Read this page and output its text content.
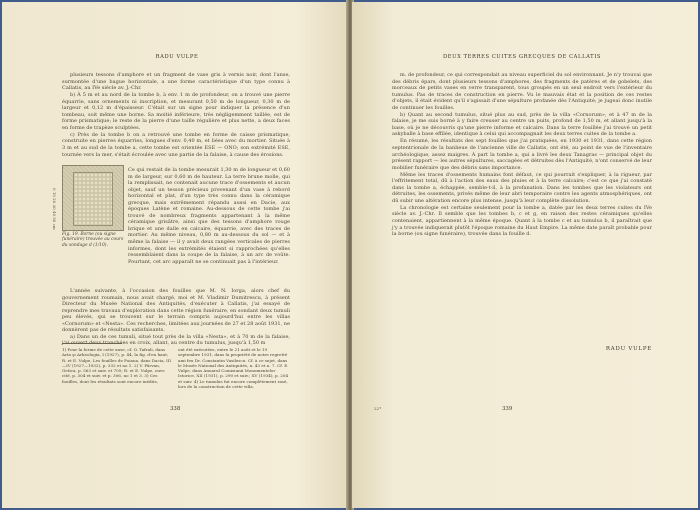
RADU VULPE

plusieurs tessons d'amphore et un fragment de vase gris à vernis noir, dont l'anse, surmontée d'une bague horizontale, a une forme caractéristique d'un type connu à Callatis, au IVe siècle av. J.-Chr.

b) À 5 m et au nord de la tombe b, à env. 1 m de profondeur, on a trouvé une pierre équarrie, sans ornements ni inscription, et mesurant 0,50 m de longueur, 0,30 m de largeur et 0,12 m d'épaisseur. C'était sur un signe pour indiquer la présence d'un tombeau, soit même une borne. Sa moitié inférieure, très négligemment taillée, est de forme prismatique; le reste de la pierre d'une taille régulière et plus nette, a deux faces en forme de trapèze sculptées.

c) Près de la tombe b on a retrouvé une tombe en forme de caisse prismatique, construite en pierres équarries, longues d'env. 0,40 m, et liées avec du mortier. Située à 3 m et au sud de la tombe a, cette tombe est orientée ESE — ONO; son extrémité ESE, tournée vers la mer, s'était écroulée avec une partie de la falaise, à cause des érosions.

0 10 20 30 40 50 cm
Fig. 19. Borne (ou signe funéraire) trouvée au cours du sondage d (1/10).
Ce qui restait de la tombe mesurait 1,30 m de longueur et 0,60 m de largeur, sur 0,60 m de hauteur. La terre brune molle, qui la remplissait, ne contenait aucune trace d'ossements et aucun objet, sauf un tesson précieux provenant d'un vase à rebord horizontal et plat, d'un type très connu dans la céramique grecque, mais extrêmement répandu aussi en Dacie, aux époques Latène et romaine. Au-dessous de cette tombe j'ai trouvé de nombreux fragments appartenant à la même céramique grisâtre, ainsi que des tessons d'amphore rouge brique et une dalle en calcaire, équarrie, avec des traces de mortier. Au même niveau, 0,80 m au-dessous du sol — et à même la falaise — il y avait deux rangées verticales de pierres informes, dont les extrémités étaient si rapprochées qu'elles ressemblaient dans la coupe de la falaise, à un arc de voûte. Pourtant, cet arc apparaît ne se continuait pas à l'intérieur.

L'année suivante, à l'occasion des fouilles que M. N. Iorga, alors chef du gouvernement roumain, nous avait chargé, moi et M. Vladimir Dumitrescu, à présent Directeur du Musée National des Antiquités, d'exécuter à Callatis, j'ai essayé de reprendre mes travaux d'exploration dans cette région funéraire, en sondant deux tumuli peu élevés, qui se trouvent sur le terrain compris aujourd'hui entre les villas «Cornorum» et «Nesta». Ces recherches, limitées aux journées de 27 et 28 août 1931, ne donnèrent pas de résultats satisfaisants.

a) Dans un de ces tumuli, situé tout près de la villa «Nesta», et à 70 m de la falaise, j'ai ouvert deux tranchées en croix, allant, au centre du tumulus, jusqu'à 1,50 m

1) Pour la forme de cette anse, cf. O. Tafrali, dans Arta şi Arheologia, I (1927), p. 44, la fig. d'en haut; R. et E. Vulpe, Les fouilles de Poiana, dans Dacia, III—IV (1927—1932), p. 332 et no 1. 2) V. Pârvan, Getica, p. 563 et suiv. et 705; R. et E. Vulpe, ouvr. cité, p. 304 et suiv. et p. 306, no 1 et 3. 3) Ces fouilles, dont les résultats sont encore inédits,
ont été exécutées, entre le 21 août et le 19 septembre 1931, dans la propriété de notre regretté ami feu Dr. Constantin Vasilescu. Cf. à ce sujet, dans le Musée National des Antiquités, n. 43 et n. 7. Cf. E. Vulpe, dans Anuarul Comisiunii Monumentelor Istorice, XII (1931), p. 290 et suiv.; XV (1934), p. 204 et suiv. 4) Le tumulus fut encore complètement rasé, lors de la construction de cette villa.
338
DEUX TERRES CUITES GRECQUES DE CALLATIS

m. de profondeur, ce qui correspondait au niveau superficiel du sol environnant. Je n'y trouvai que des débris épars, dont plusieurs tessons d'amphores, des fragments de patères et de gobelets, des morceaux de petits vases en verre transparent, tous groupés en un seul endroit vers l'extérieur du tumulus. Pas de traces de construction en pierre. Vu le mauvais état et la position de ces restes d'objets, il était évident qu'il s'agissait d'une sépulture profanée dès l'Antiquité; je jugeai donc inutile de continuer les fouilles.

b) Quant au second tumulus, situé plus au sud, près de la villa «Cornorum», et à 47 m de la falaise, je me suis borné à y faire creuser au centre un puits, profond de 1,50 m, et allant jusqu'à la base, où je ne découvris qu'une pierre informe et calcaire. Dans la terre fouillée j'ai trouvé un petit askyballe à base effilée, identique à celui qui accompagnait les deux terres cuites de la tombe a.

En résumé, les résultats des sept fouilles que j'ai pratiquées, en 1930 et 1931, dans cette région septentrionale de la banlieue de l'ancienne ville de Callatis, ont été, au point de vue de l'inventaire archéologique, assez maigres. À part la tombe a, qui a livré les deux Tanagras — principal objet du présent rapport — les autres sépultures, saccagées et détruites dès l'Antiquité, n'ont conservé de leur mobilier funéraire que des débris sans importance.

Même les traces d'ossements humains font défaut, ce qui pourrait s'expliquer, à la rigueur, par l'effritement total, dû à l'action des eaux des pluies et à la terre calcaire; c'est ce que j'ai constaté dans la tombe a, échappée, semble-t-il, à la profanation. Dans les tombes que les violateurs ont détruites, les ossements, privés même de leur abri temporaire contre les agents atmosphériques, ont dû subir une altération encore plus intense, jusqu'à leur complète dissolution.

La chronologie est certaine seulement pour la tombe a, datée par les deux terres cuites du IVe siècle av. J.-Chr. Il semble que les tombes b, c et g, en raison des restes céramiques qu'elles contenaient, appartiennent à la même époque. Quant à la tombe c et au tumulus b, il paraîtrait que j'y a trouvée indiquerait plutôt l'époque romaine du Haut Empire. La même date paraît probable pour la borne (ou signe funéraire), trouvée dans la fouille d.

RADU VULPE
22*	339
